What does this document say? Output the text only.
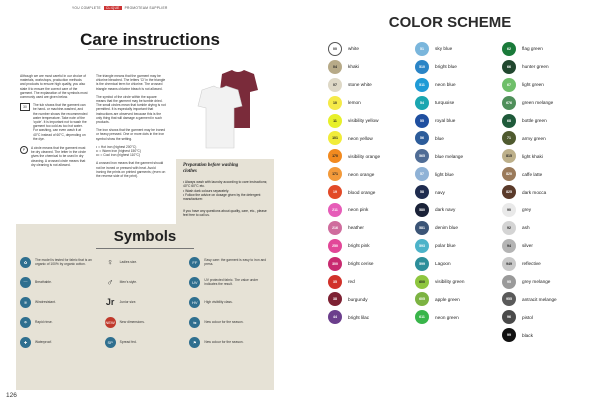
YOU COMPLETE	CLIQUE	PROMOTEAM SUPPLIER
Care instructions

Although we are most careful in our choice of materials, workshops, production methods and products to ensure high quality, you also state it to ensure the correct care of the garment. The explanation of the symbols most commonly used are given below.

30	The tub shows that the garment can be hand- or machine-washed, and the number shows the recommended water temperature. Take note of the 'cycle'. It is important not to wash the garment too cold as too hot water. For washing, can even wash it at 40°C instead of 60°C, depending on the dye.
P	A circle means that the garment must be dry cleaned. The letter in the circle gives the chemical to be used in dry cleaning. A crossed circle means that dry cleaning is not allowed.

The triangle means that the garment may be chlorine bleached. The letters 'Cl' in the triangle is the chemical term for chlorine. The crossed triangle means chlorine bleach is not allowed.

The symbol of the circle within the square means that the garment may be tumble dried. The small circles mean that tumble drying is not permitted. It is especially important that instructions are observed because this is the only thing that will damage a garment in such products.

The iron shows that the garment may be ironed or heavy pressed. One or more dots in the iron symbol show the setting.

• = Hot iron (highest 200°C)
•• = Warm iron (highest 150°C)
••• = Cool iron (highest 110°C)

A crossed iron means that the garment should not be ironed or pressed with heat. Avoid ironing the prints on printed garments; (even on the reverse side of the print).

Preparation before washing clothes
• Always wash with laundry according to care instructions; 40°C 60°C etc.
• Wash dark colours separately.
• Follow the advice on dosage given by the detergent manufacturer.
If you have any questions about quality, care, etc., please feel free to call us.
Symbols
✿	The model is tested for fabric that is an organic of 100% by organic cotton.	♀	Ladies size.	FF	Easy care: the garment is easy to iron and press.
〰	Breathable.	♂	Men's style.	UV	UV protected fabric. The value under indicates the result.
≋	Windresistant.	Jr	Junior size.	HV	High visibility class.
☂	Rapid rinse.	NEW New dimensions.	⇆	New colour for the season.
✚	Waterproof.	SP	Spread fed.	⚑	New colour for the season.
126
COLOR SCHEME
00	white
04	khaki
07	stone white
10	lemon
11	visibility yellow
101	neon yellow
170	visibility orange
171	neon orange
19	blood orange
211	neon pink
216	heather
250	bright pink
300	bright cerise
35	red
38	burgundy
44	bright lilac
51	sky blue
510	bright blue
511	neon blue
54	turquoise
55	royal blue
56	blue
565	blue melange
57	light blue
58	navy
580	dark navy
581	denim blue
593	polar blue
599	Lagoon
600	visibility green
605	apple green
611	neon green
62	flag green
66	hunter green
67	light green
676	green melange
68	bottle green
71	army green
815	light khaki
820	caffe latte
825	dark mocca
90	grey
92	ash
94	silver
949	reflective
95	grey melange
955	antracit melange
96	pistol
99	black
